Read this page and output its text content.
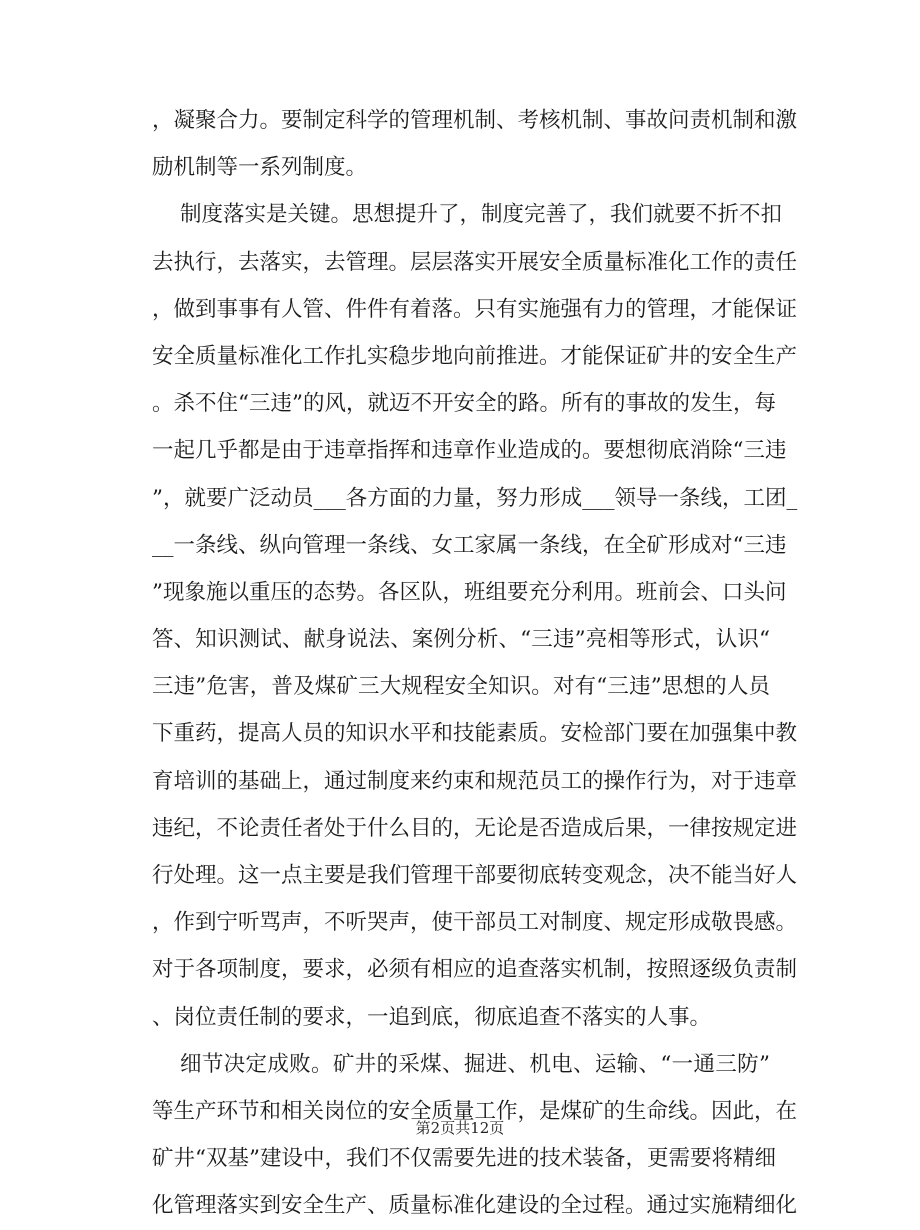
，凝聚合力。要制定科学的管理机制、考核机制、事故问责机制和激
励机制等一系列制度。
制度落实是关键。思想提升了，制度完善了，我们就要不折不扣
去执行，去落实，去管理。层层落实开展安全质量标准化工作的责任
，做到事事有人管、件件有着落。只有实施强有力的管理，才能保证
安全质量标准化工作扎实稳步地向前推进。才能保证矿井的安全生产
。杀不住“三违”的风，就迈不开安全的路。所有的事故的发生，每
一起几乎都是由于违章指挥和违章作业造成的。要想彻底消除“三违
”，就要广泛动员___各方面的力量，努力形成___领导一条线，工团_
__一条线、纵向管理一条线、女工家属一条线，在全矿形成对“三违
”现象施以重压的态势。各区队，班组要充分利用。班前会、口头问
答、知识测试、献身说法、案例分析、“三违”亮相等形式，认识“
三违”危害，普及煤矿三大规程安全知识。对有“三违”思想的人员
下重药，提高人员的知识水平和技能素质。安检部门要在加强集中教
育培训的基础上，通过制度来约束和规范员工的操作行为，对于违章
违纪，不论责任者处于什么目的，无论是否造成后果，一律按规定进
行处理。这一点主要是我们管理干部要彻底转变观念，决不能当好人
，作到宁听骂声，不听哭声，使干部员工对制度、规定形成敬畏感。
对于各项制度，要求，必须有相应的追查落实机制，按照逐级负责制
、岗位责任制的要求，一追到底，彻底追查不落实的人事。
细节决定成败。矿井的采煤、掘进、机电、运输、“一通三防”
等生产环节和相关岗位的安全质量工作，是煤矿的生命线。因此，在
矿井“双基”建设中，我们不仅需要先进的技术装备，更需要将精细
化管理落实到安全生产、质量标准化建设的全过程。通过实施精细化
第2页共12页
